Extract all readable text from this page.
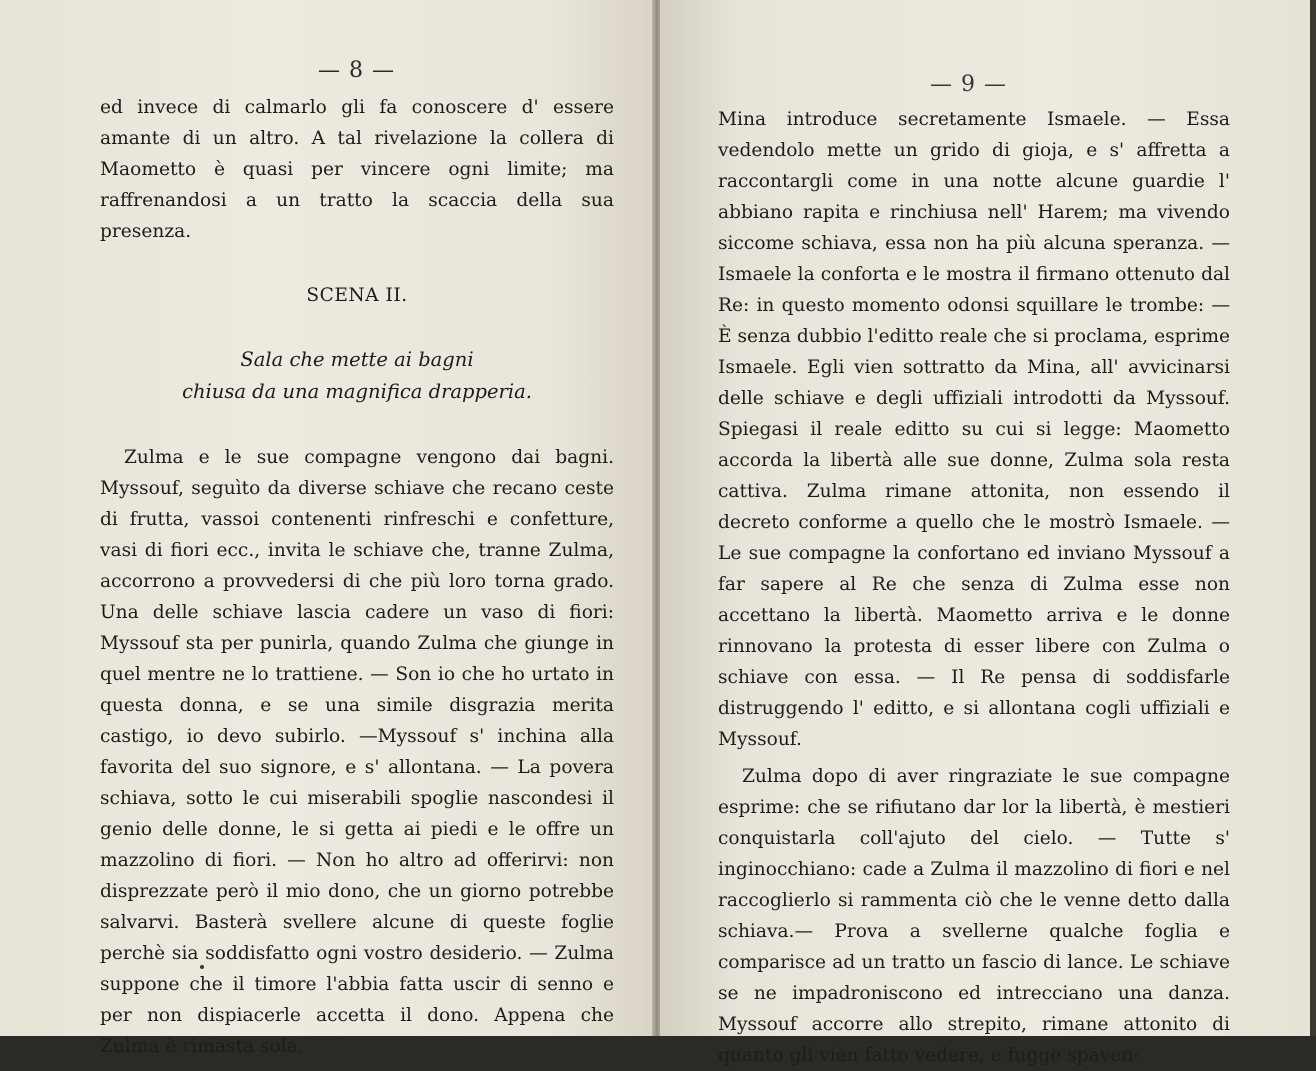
— 8 —

ed invece di calmarlo gli fa conoscere d' essere amante di un altro. A tal rivelazione la collera di Maometto è quasi per vincere ogni limite; ma raffrenandosi a un tratto la scaccia della sua presenza.

SCENA II.

Sala che mette ai bagni
chiusa da una magnifica drapperia.

Zulma e le sue compagne vengono dai bagni. Myssouf, seguìto da diverse schiave che recano ceste di frutta, vassoi contenenti rinfreschi e confetture, vasi di fiori ecc., invita le schiave che, tranne Zulma, accorrono a provvedersi di che più loro torna grado. Una delle schiave lascia cadere un vaso di fiori: Myssouf sta per punirla, quando Zulma che giunge in quel mentre ne lo trattiene. — Son io che ho urtato in questa donna, e se una simile disgrazia merita castigo, io devo subirlo. —Myssouf s' inchina alla favorita del suo signore, e s' allontana. — La povera schiava, sotto le cui miserabili spoglie nascondesi il genio delle donne, le si getta ai piedi e le offre un mazzolino di fiori. — Non ho altro ad offerirvi: non disprezzate però il mio dono, che un giorno potrebbe salvarvi. Basterà svellere alcune di queste foglie perchè sia soddisfatto ogni vostro desiderio. — Zulma suppone che il timore l'abbia fatta uscir di senno e per non dispiacerle accetta il dono. Appena che Zulma è rimasta sola,

— 9 —

Mina introduce secretamente Ismaele. — Essa vedendolo mette un grido di gioja, e s' affretta a raccontargli come in una notte alcune guardie l' abbiano rapita e rinchiusa nell' Harem; ma vivendo siccome schiava, essa non ha più alcuna speranza. — Ismaele la conforta e le mostra il firmano ottenuto dal Re: in questo momento odonsi squillare le trombe: — È senza dubbio l'editto reale che si proclama, esprime Ismaele. Egli vien sottratto da Mina, all' avvicinarsi delle schiave e degli uffiziali introdotti da Myssouf. Spiegasi il reale editto su cui si legge: Maometto accorda la libertà alle sue donne, Zulma sola resta cattiva. Zulma rimane attonita, non essendo il decreto conforme a quello che le mostrò Ismaele. — Le sue compagne la confortano ed inviano Myssouf a far sapere al Re che senza di Zulma esse non accettano la libertà. Maometto arriva e le donne rinnovano la protesta di esser libere con Zulma o schiave con essa. — Il Re pensa di soddisfarle distruggendo l' editto, e si allontana cogli uffiziali e Myssouf.

Zulma dopo di aver ringraziate le sue compagne esprime: che se rifiutano dar lor la libertà, è mestieri conquistarla coll'ajuto del cielo. — Tutte s' inginocchiano: cade a Zulma il mazzolino di fiori e nel raccoglierlo si rammenta ciò che le venne detto dalla schiava.— Prova a svellerne qualche foglia e comparisce ad un tratto un fascio di lance. Le schiave se ne impadroniscono ed intrecciano una danza. Myssouf accorre allo strepito, rimane attonito di quanto gli vien fatto vedere, e fugge spaven-
